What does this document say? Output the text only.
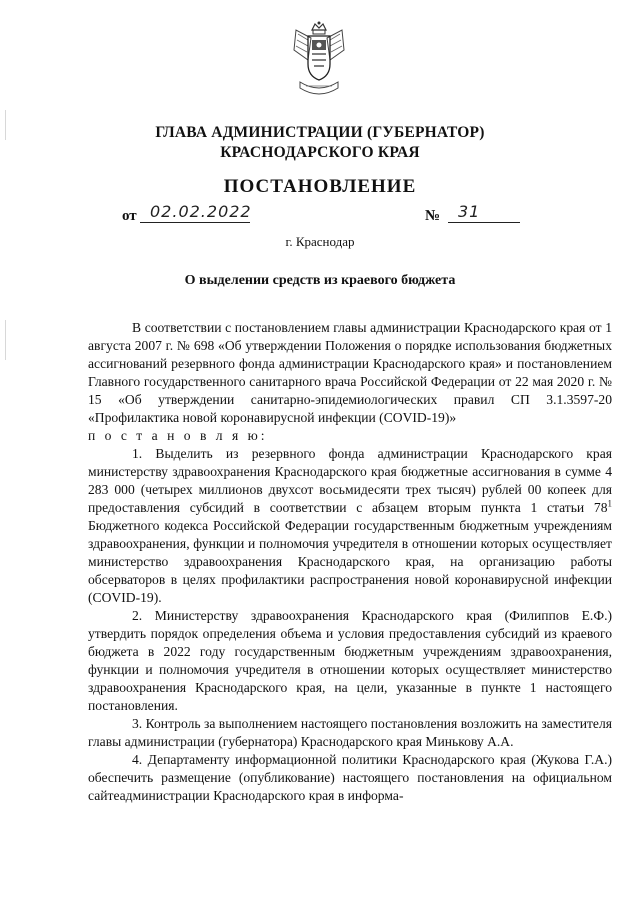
ГЛАВА АДМИНИСТРАЦИИ (ГУБЕРНАТОР)
КРАСНОДАРСКОГО КРАЯ
ПОСТАНОВЛЕНИЕ
от 02.02.2022	№ 31
г. Краснодар
О выделении средств из краевого бюджета

В соответствии с постановлением главы администрации Краснодарского края от 1 августа 2007 г. № 698 «Об утверждении Положения о порядке использования бюджетных ассигнований резервного фонда администрации Краснодарского края» и постановлением Главного государственного санитарного врача Российской Федерации от 22 мая 2020 г. № 15 «Об утверждении санитарно-эпидемиологических правил СП 3.1.3597-20 «Профилактика новой коронавирусной инфекции (COVID-19)»

п о с т а н о в л я ю:

1. Выделить из резервного фонда администрации Краснодарского края министерству здравоохранения Краснодарского края бюджетные ассигнования в сумме 4 283 000 (четырех миллионов двухсот восьмидесяти трех тысяч) рублей 00 копеек для предоставления субсидий в соответствии с абзацем вторым пункта 1 статьи $78^1$ Бюджетного кодекса Российской Федерации государственным бюджетным учреждениям здравоохранения, функции и полномочия учредителя в отношении которых осуществляет министерство здравоохранения Краснодарского края, на организацию работы обсерваторов в целях профилактики распространения новой коронавирусной инфекции (COVID-19).

2. Министерству здравоохранения Краснодарского края (Филиппов Е.Ф.) утвердить порядок определения объема и условия предоставления субсидий из краевого бюджета в 2022 году государственным бюджетным учреждениям здравоохранения, функции и полномочия учредителя в отношении которых осуществляет министерство здравоохранения Краснодарского края, на цели, указанные в пункте 1 настоящего постановления.

3. Контроль за выполнением настоящего постановления возложить на заместителя главы администрации (губернатора) Краснодарского края Минькову А.А.

4. Департаменту информационной политики Краснодарского края (Жукова Г.А.) обеспечить размещение (опубликование) настоящего постановления на официальном сайтеадминистрации Краснодарского края в информа-
